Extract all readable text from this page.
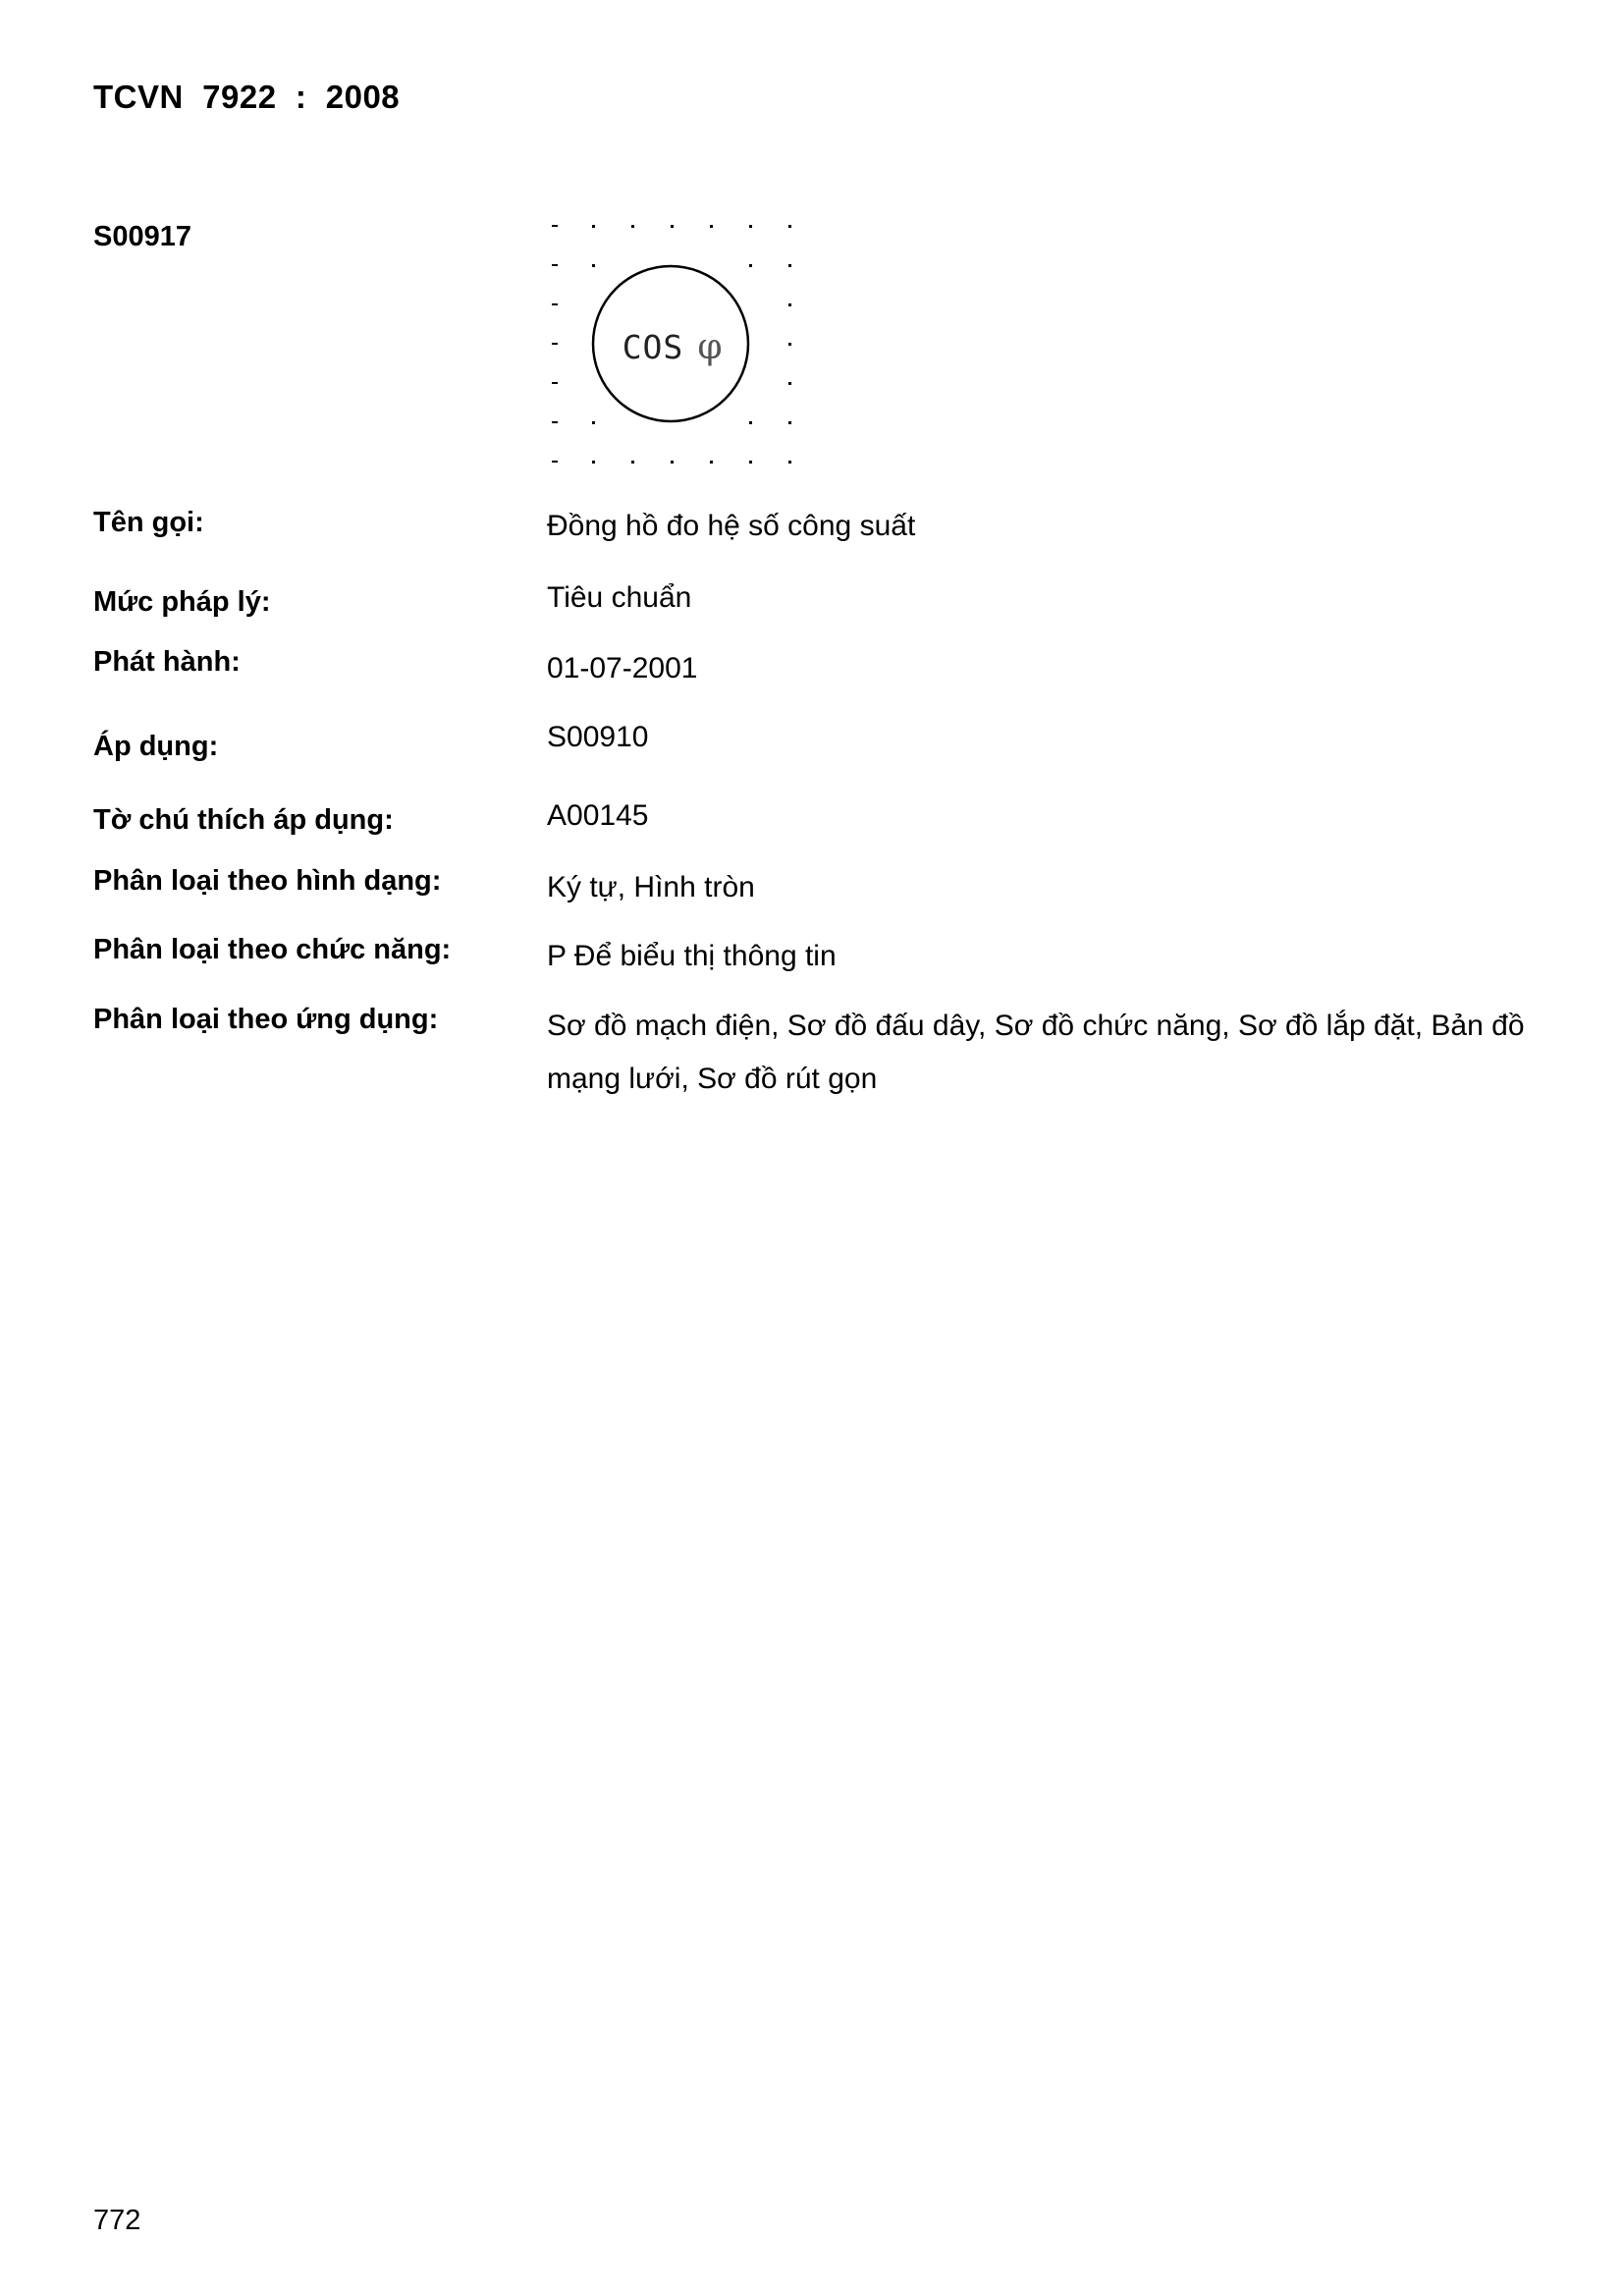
TCVN  7922  :  2008
S00917
COS φ
Tên gọi:	Đồng hồ đo hệ số công suất
Mức pháp lý:	Tiêu chuẩn
Phát hành:	01-07-2001
Áp dụng:	S00910
Tờ chú thích áp dụng:	A00145
Phân loại theo hình dạng:	Ký tự, Hình tròn
Phân loại theo chức năng:	P Để biểu thị thông tin
Phân loại theo ứng dụng:	Sơ đồ mạch điện, Sơ đồ đấu dây, Sơ đồ chức năng, Sơ đồ lắp đặt, Bản đồ mạng lưới, Sơ đồ rút gọn
772
